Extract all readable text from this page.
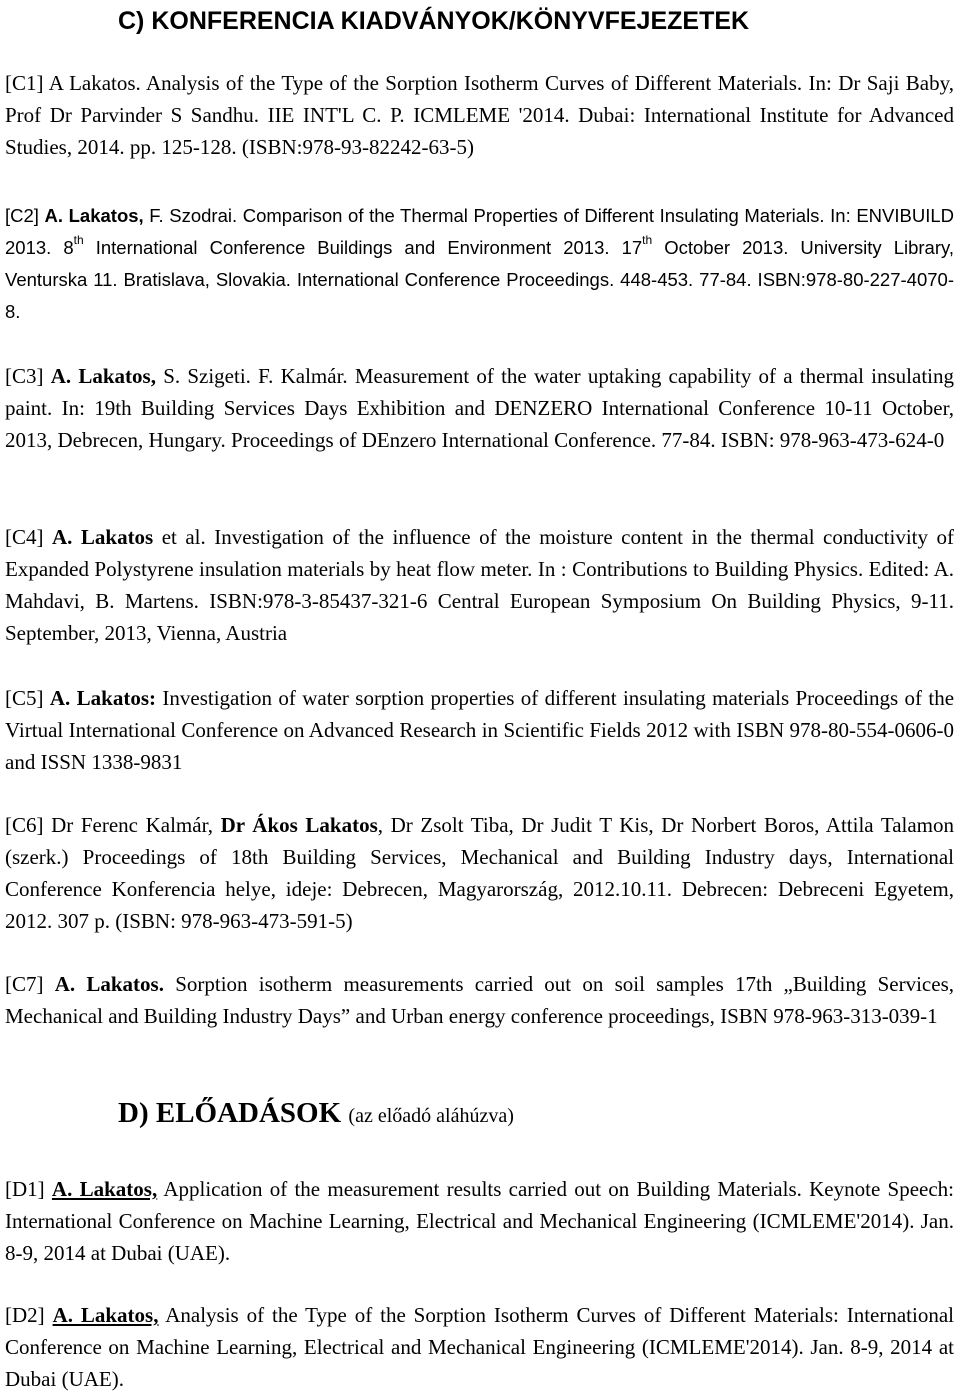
C) KONFERENCIA KIADVÁNYOK/KÖNYVFEJEZETEK

[C1] A Lakatos. Analysis of the Type of the Sorption Isotherm Curves of Different Materials. In: Dr Saji Baby, Prof Dr Parvinder S Sandhu. IIE INT'L C. P. ICMLEME '2014. Dubai: International Institute for Advanced Studies, 2014. pp. 125-128. (ISBN:978-93-82242-63-5)

[C2] A. Lakatos, F. Szodrai. Comparison of the Thermal Properties of Different Insulating Materials. In: ENVIBUILD 2013. 8th International Conference Buildings and Environment 2013. 17th October 2013. University Library, Venturska 11. Bratislava, Slovakia. International Conference Proceedings. 448-453. 77-84. ISBN:978-80-227-4070-8.

[C3] A. Lakatos, S. Szigeti. F. Kalmár. Measurement of the water uptaking capability of a thermal insulating paint. In: 19th Building Services Days Exhibition and DENZERO International Conference 10-11 October, 2013, Debrecen, Hungary. Proceedings of DEnzero International Conference. 77-84. ISBN: 978-963-473-624-0

[C4] A. Lakatos et al. Investigation of the influence of the moisture content in the thermal conductivity of Expanded Polystyrene insulation materials by heat flow meter. In : Contributions to Building Physics. Edited: A. Mahdavi, B. Martens. ISBN:978-3-85437-321-6 Central European Symposium On Building Physics, 9-11. September, 2013, Vienna, Austria

[C5] A. Lakatos: Investigation of water sorption properties of different insulating materials Proceedings of the Virtual International Conference on Advanced Research in Scientific Fields 2012 with ISBN 978-80-554-0606-0 and ISSN 1338-9831

[C6] Dr Ferenc Kalmár, Dr Ákos Lakatos, Dr Zsolt Tiba, Dr Judit T Kis, Dr Norbert Boros, Attila Talamon (szerk.) Proceedings of 18th Building Services, Mechanical and Building Industry days, International Conference Konferencia helye, ideje: Debrecen, Magyarország, 2012.10.11. Debrecen: Debreceni Egyetem, 2012. 307 p. (ISBN: 978-963-473-591-5)

[C7] A. Lakatos. Sorption isotherm measurements carried out on soil samples 17th „Building Services, Mechanical and Building Industry Days” and Urban energy conference proceedings, ISBN 978-963-313-039-1

D) ELŐADÁSOK (az előadó aláhúzva)

[D1] A. Lakatos, Application of the measurement results carried out on Building Materials. Keynote Speech: International Conference on Machine Learning, Electrical and Mechanical Engineering (ICMLEME'2014). Jan. 8-9, 2014 at Dubai (UAE).

[D2] A. Lakatos, Analysis of the Type of the Sorption Isotherm Curves of Different Materials: International Conference on Machine Learning, Electrical and Mechanical Engineering (ICMLEME'2014). Jan. 8-9, 2014 at Dubai (UAE).
